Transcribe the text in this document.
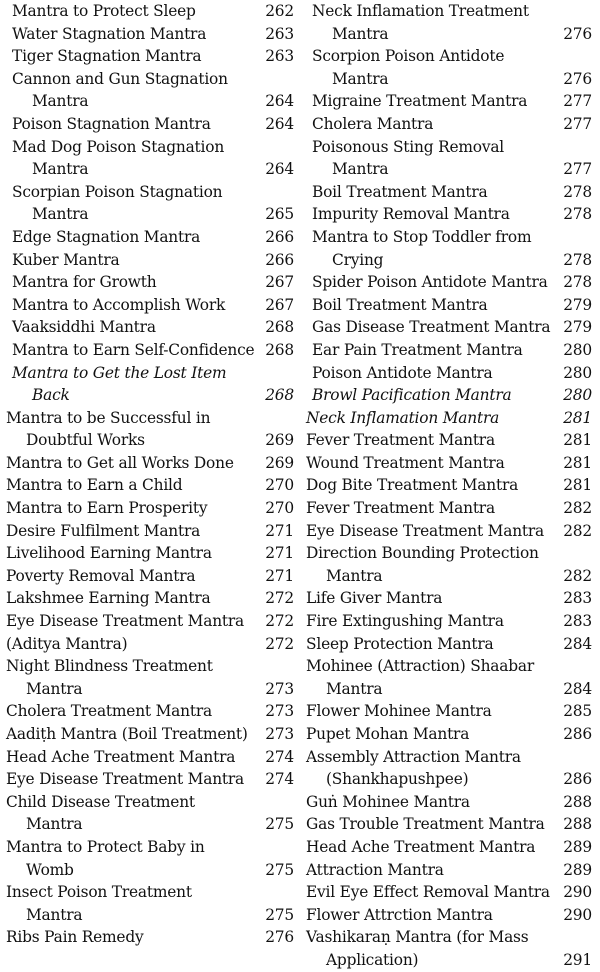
Mantra to Protect Sleep	262
Water Stagnation Mantra	263
Tiger Stagnation Mantra	263
Cannon and Gun Stagnation
Mantra	264
Poison Stagnation Mantra	264
Mad Dog Poison Stagnation
Mantra	264
Scorpian Poison Stagnation
Mantra	265
Edge Stagnation Mantra	266
Kuber Mantra	266
Mantra for Growth	267
Mantra to Accomplish Work	267
Vaaksiddhi Mantra	268
Mantra to Earn Self-Confidence 268
Mantra to Get the Lost Item
Back	268
Mantra to be Successful in
Doubtful Works	269
Mantra to Get all Works Done 269
Mantra to Earn a Child	270
Mantra to Earn Prosperity	270
Desire Fulfilment Mantra	271
Livelihood Earning Mantra	271
Poverty Removal Mantra	271
Lakshmee Earning Mantra	272
Eye Disease Treatment Mantra 272
(Aditya Mantra)	272
Night Blindness Treatment
Mantra	273
Cholera Treatment Mantra	273
Aadiṭh Mantra (Boil Treatment) 273
Head Ache Treatment Mantra 274
Eye Disease Treatment Mantra 274
Child Disease Treatment
Mantra	275
Mantra to Protect Baby in
Womb	275
Insect Poison Treatment
Mantra	275
Ribs Pain Remedy	276
Neck Inflamation Treatment
Mantra	276
Scorpion Poison Antidote
Mantra	276
Migraine Treatment Mantra 277
Cholera Mantra	277
Poisonous Sting Removal
Mantra	277
Boil Treatment Mantra	278
Impurity Removal Mantra	278
Mantra to Stop Toddler from
Crying	278
Spider Poison Antidote Mantra 278
Boil Treatment Mantra	279
Gas Disease Treatment Mantra 279
Ear Pain Treatment Mantra	280
Poison Antidote Mantra	280
Browl Pacification Mantra	280
Neck Inflamation Mantra	281
Fever Treatment Mantra	281
Wound Treatment Mantra	281
Dog Bite Treatment Mantra	281
Fever Treatment Mantra	282
Eye Disease Treatment Mantra 282
Direction Bounding Protection
Mantra	282
Life Giver Mantra	283
Fire Extingushing Mantra	283
Sleep Protection Mantra	284
Mohinee (Attraction) Shaabar
Mantra	284
Flower Mohinee Mantra	285
Pupet Mohan Mantra	286
Assembly Attraction Mantra
(Shankhapushpee)	286
Guṅ Mohinee Mantra	288
Gas Trouble Treatment Mantra 288
Head Ache Treatment Mantra 289
Attraction Mantra	289
Evil Eye Effect Removal Mantra 290
Flower Attrction Mantra	290
Vashikaraṇ Mantra (for Mass
Application)	291
